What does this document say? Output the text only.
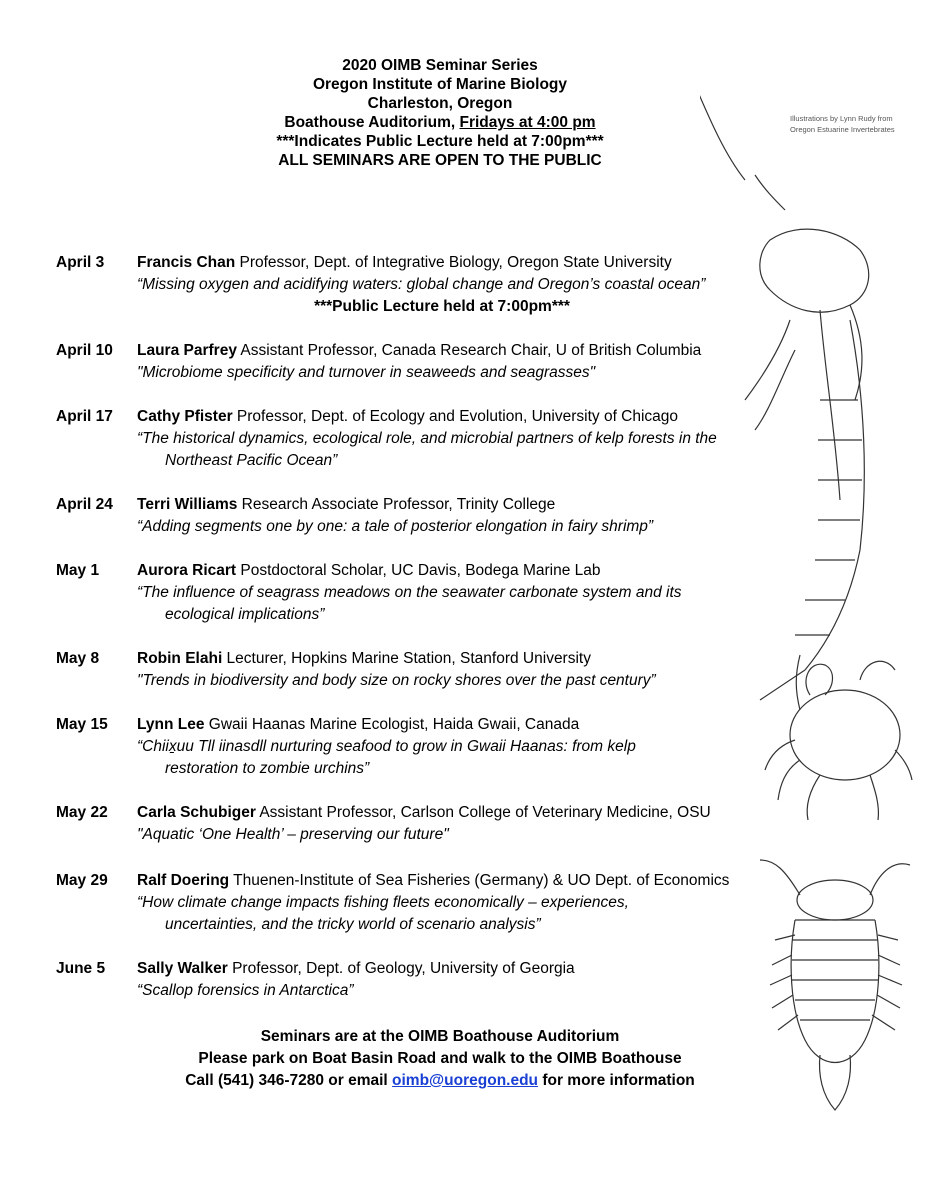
2020 OIMB Seminar Series
Oregon Institute of Marine Biology
Charleston, Oregon
Boathouse Auditorium, Fridays at 4:00 pm
***Indicates Public Lecture held at 7:00pm***
ALL SEMINARS ARE OPEN TO THE PUBLIC
Illustrations by Lynn Rudy from
Oregon Estuarine Invertebrates
April 3 Francis Chan Professor, Dept. of Integrative Biology, Oregon State University
“Missing oxygen and acidifying waters: global change and Oregon’s coastal ocean”
***Public Lecture held at 7:00pm***
April 10 Laura Parfrey Assistant Professor, Canada Research Chair, U of British Columbia
"Microbiome specificity and turnover in seaweeds and seagrasses"
April 17 Cathy Pfister Professor, Dept. of Ecology and Evolution, University of Chicago
“The historical dynamics, ecological role, and microbial partners of kelp forests in the
Northeast Pacific Ocean”
April 24 Terri Williams Research Associate Professor, Trinity College
“Adding segments one by one: a tale of posterior elongation in fairy shrimp”
May 1 Aurora Ricart Postdoctoral Scholar, UC Davis, Bodega Marine Lab
“The influence of seagrass meadows on the seawater carbonate system and its
ecological implications”
May 8 Robin Elahi Lecturer, Hopkins Marine Station, Stanford University
"Trends in biodiversity and body size on rocky shores over the past century”
May 15 Lynn Lee Gwaii Haanas Marine Ecologist, Haida Gwaii, Canada
“Chiix̱uu Tll iinasdll nurturing seafood to grow in Gwaii Haanas: from kelp
restoration to zombie urchins”
May 22 Carla Schubiger Assistant Professor, Carlson College of Veterinary Medicine, OSU
"Aquatic ‘One Health’ – preserving our future"
May 29 Ralf Doering Thuenen-Institute of Sea Fisheries (Germany) & UO Dept. of Economics
“How climate change impacts fishing fleets economically – experiences,
uncertainties, and the tricky world of scenario analysis”
June 5 Sally Walker Professor, Dept. of Geology, University of Georgia
“Scallop forensics in Antarctica”
Seminars are at the OIMB Boathouse Auditorium
Please park on Boat Basin Road and walk to the OIMB Boathouse
Call (541) 346-7280 or email oimb@uoregon.edu for more information
